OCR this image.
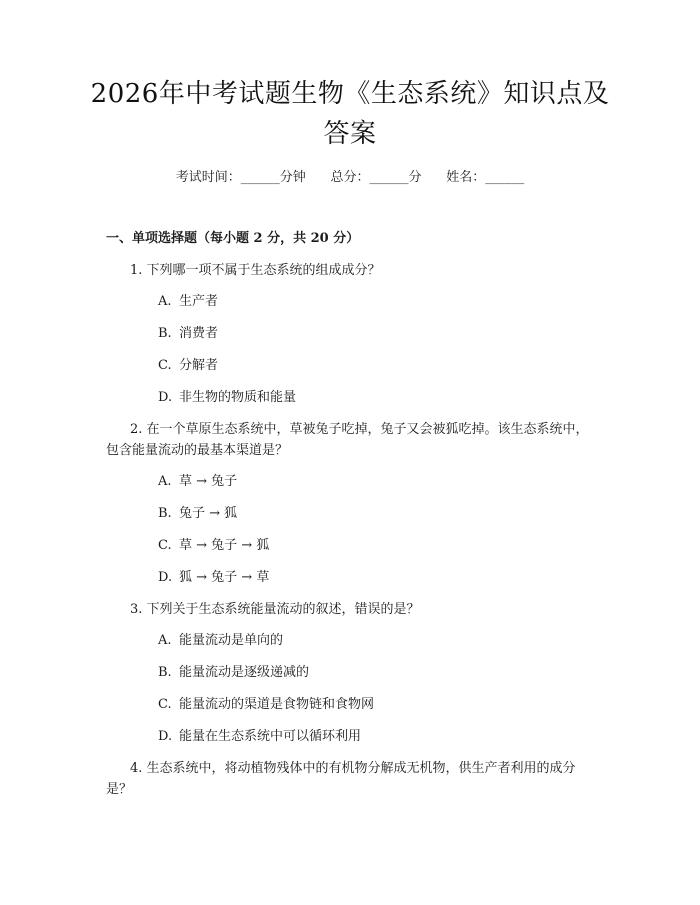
2026年中考试题生物《生态系统》知识点及
答案
考试时间：______分钟      总分：______分      姓名：______
一、单项选择题（每小题 2 分，共 20 分）
1. 下列哪一项不属于生态系统的组成成分？
A. 生产者
B. 消费者
C. 分解者
D. 非生物的物质和能量
2. 在一个草原生态系统中，草被兔子吃掉，兔子又会被狐吃掉。该生态系统中，包含能量流动的最基本渠道是？
A. 草 → 兔子
B. 兔子 → 狐
C. 草 → 兔子 → 狐
D. 狐 → 兔子 → 草
3. 下列关于生态系统能量流动的叙述，错误的是？
A. 能量流动是单向的
B. 能量流动是逐级递减的
C. 能量流动的渠道是食物链和食物网
D. 能量在生态系统中可以循环利用
4. 生态系统中，将动植物残体中的有机物分解成无机物，供生产者利用的成分是？
